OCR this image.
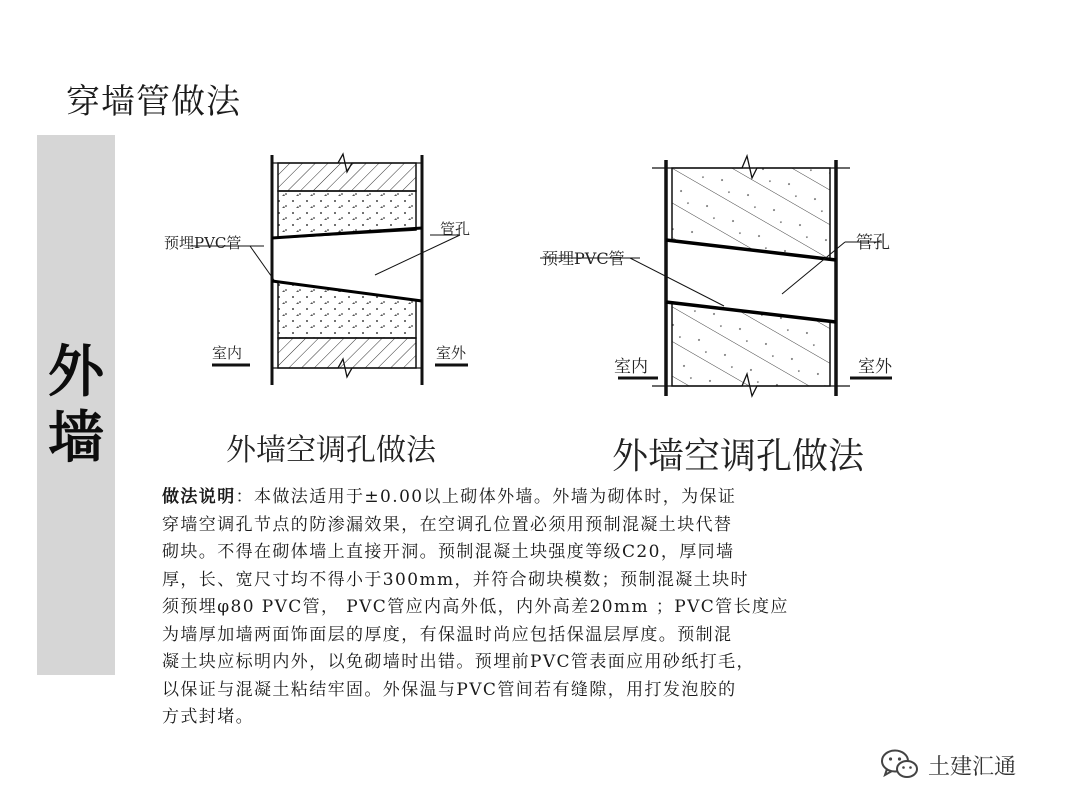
穿墙管做法
外
墙
预埋PVC管
管孔
室内	室外
外墙空调孔做法
预埋PVC管
管孔
室内	室外
外墙空调孔做法
做法说明：本做法适用于±0.00以上砌体外墙。外墙为砌体时，为保证
穿墙空调孔节点的防渗漏效果，在空调孔位置必须用预制混凝土块代替
砌块。不得在砌体墙上直接开洞。预制混凝土块强度等级C20，厚同墙
厚，长、宽尺寸均不得小于300mm，并符合砌块模数；预制混凝土块时
须预埋φ80 PVC管， PVC管应内高外低，内外高差20mm ；PVC管长度应
为墙厚加墙两面饰面层的厚度，有保温时尚应包括保温层厚度。预制混
凝土块应标明内外，以免砌墙时出错。预埋前PVC管表面应用砂纸打毛，
以保证与混凝土粘结牢固。外保温与PVC管间若有缝隙，用打发泡胶的
方式封堵。
土建汇通
